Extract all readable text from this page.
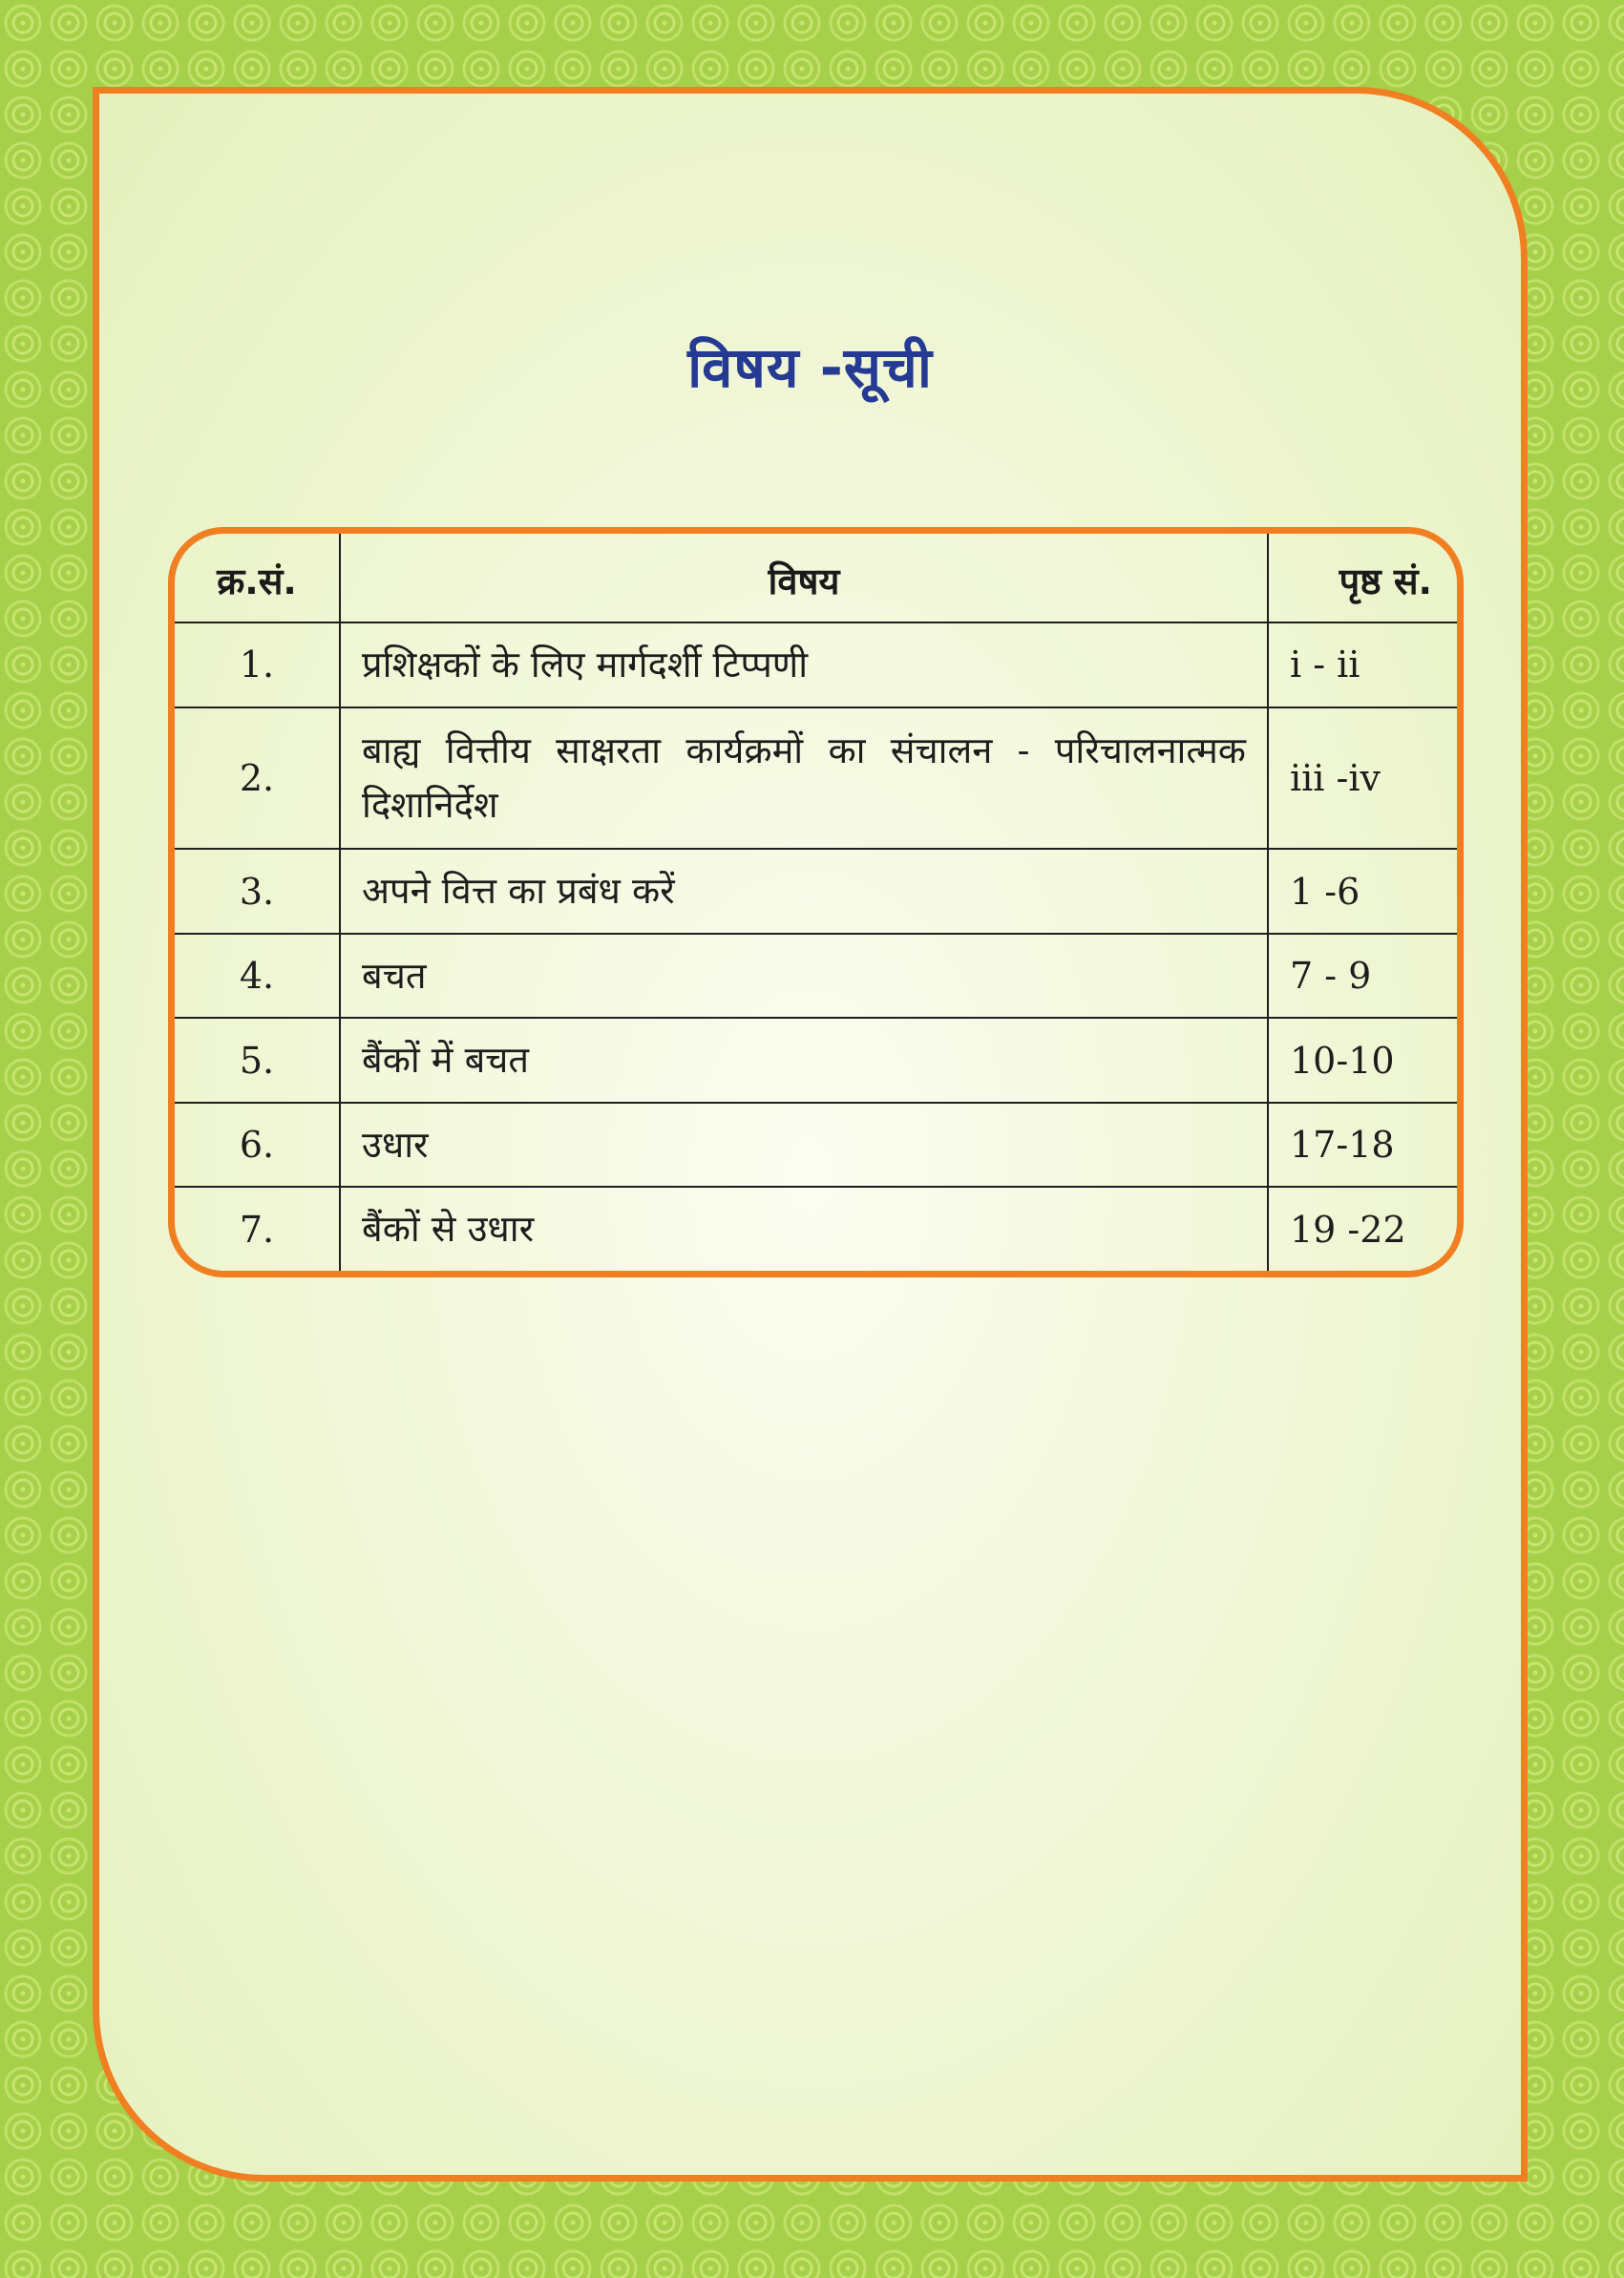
विषय -सूची
क्र.सं.	विषय	पृष्ठ सं.
1.	प्रशिक्षकों के लिए मार्गदर्शी टिप्पणी	i - ii
2.	बाह्य वित्तीय साक्षरता कार्यक्रमों का संचालन - परिचालनात्मक दिशानिर्देश	iii -iv
3.	अपने वित्त का प्रबंध करें	1 -6
4.	बचत	7 - 9
5.	बैंकों में बचत	10-10
6.	उधार	17-18
7.	बैंकों से उधार	19 -22
